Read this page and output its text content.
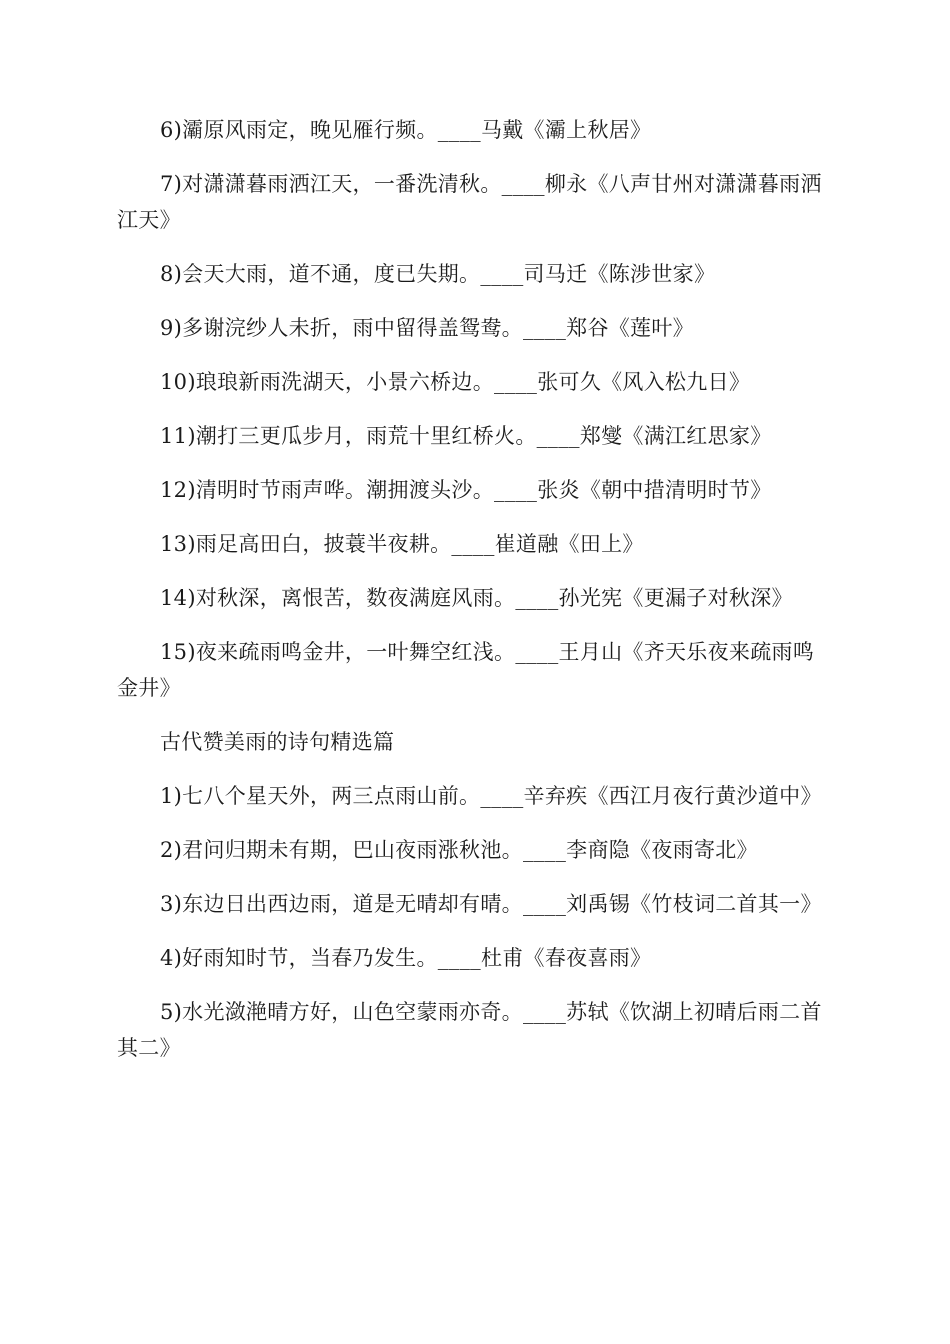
6)灞原风雨定，晚见雁行频。____马戴《灞上秋居》

7)对潇潇暮雨洒江天，一番洗清秋。____柳永《八声甘州对潇潇暮雨洒江天》

8)会天大雨，道不通，度已失期。____司马迁《陈涉世家》

9)多谢浣纱人未折，雨中留得盖鸳鸯。____郑谷《莲叶》

10)琅琅新雨洗湖天，小景六桥边。____张可久《风入松九日》

11)潮打三更瓜步月，雨荒十里红桥火。____郑燮《满江红思家》

12)清明时节雨声哗。潮拥渡头沙。____张炎《朝中措清明时节》

13)雨足高田白，披蓑半夜耕。____崔道融《田上》

14)对秋深，离恨苦，数夜满庭风雨。____孙光宪《更漏子对秋深》

15)夜来疏雨鸣金井，一叶舞空红浅。____王月山《齐天乐夜来疏雨鸣金井》

古代赞美雨的诗句精选篇

1)七八个星天外，两三点雨山前。____辛弃疾《西江月夜行黄沙道中》

2)君问归期未有期，巴山夜雨涨秋池。____李商隐《夜雨寄北》

3)东边日出西边雨，道是无晴却有晴。____刘禹锡《竹枝词二首其一》

4)好雨知时节，当春乃发生。____杜甫《春夜喜雨》

5)水光潋滟晴方好，山色空蒙雨亦奇。____苏轼《饮湖上初晴后雨二首其二》
